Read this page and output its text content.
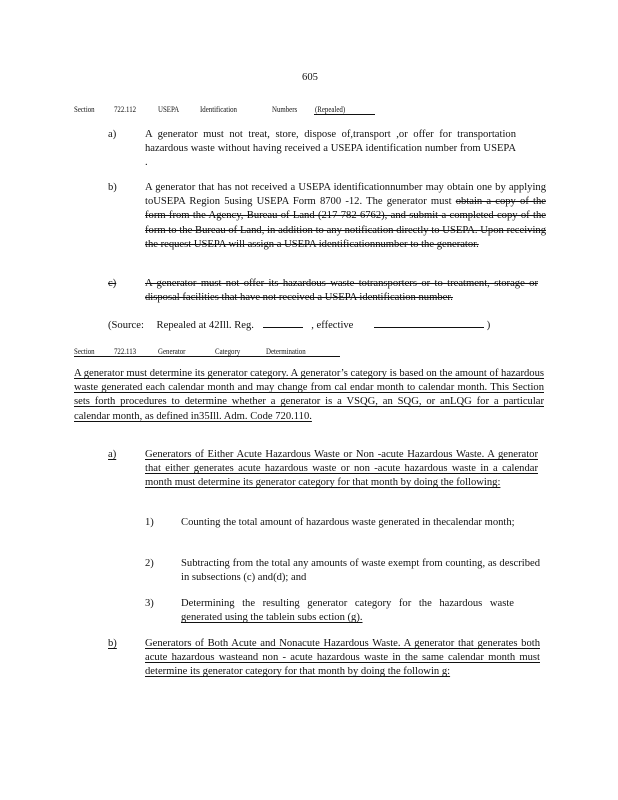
605
Section 722.112	USEPA Identification	Numbers (Repealed)
a)	A generator must not treat, store, dispose of,transport ,or offer for transportation hazardous waste without having received a USEPA identification number from USEPA .
b)	A generator that has not received a USEPA identificationnumber may obtain one by applying toUSEPA Region 5using USEPA Form 8700 -12. The generator must obtain a copy of the form from the Agency, Bureau of Land (217 782 6762), and submit a completed copy of the form to the Bureau of Land, in addition to any notification directly to USEPA. Upon receiving the request USEPA will assign a USEPA identificationnumber to the generator.
c)	A generator must not offer its hazardous waste totransporters or to treatment, storage or disposal facilities that have not received a USEPA identification number.
(Source: Repealed at 42Ill. Reg.	, effective	)
Section 722.113	Generator	Category	Determination
A generator must determine its generator category. A generator’s category is based on the amount of hazardous waste generated each calendar month and may change from cal endar month to calendar month. This Section sets forth procedures to determine whether a generator is a VSQG, an SQG, or anLQG for a particular calendar month, as defined in35Ill. Adm. Code 720.110.
a)	Generators of Either Acute Hazardous Waste or Non -acute Hazardous Waste. A generator that either generates acute hazardous waste or non -acute hazardous waste in a calendar month must determine its generator category for that month by doing the following:
1)	Counting the total amount of hazardous waste generated in thecalendar month;
2)	Subtracting from the total any amounts of waste exempt from counting, as described in subsections (c) and(d); and
3)	Determining the resulting generator category for the hazardous waste generated using the tablein subs ection (g).
b)	Generators of Both Acute and Nonacute Hazardous Waste. A generator that generates both acute hazardous wasteand non - acute hazardous waste in the same calendar month must determine its generator category for that month by doing the followin g:
